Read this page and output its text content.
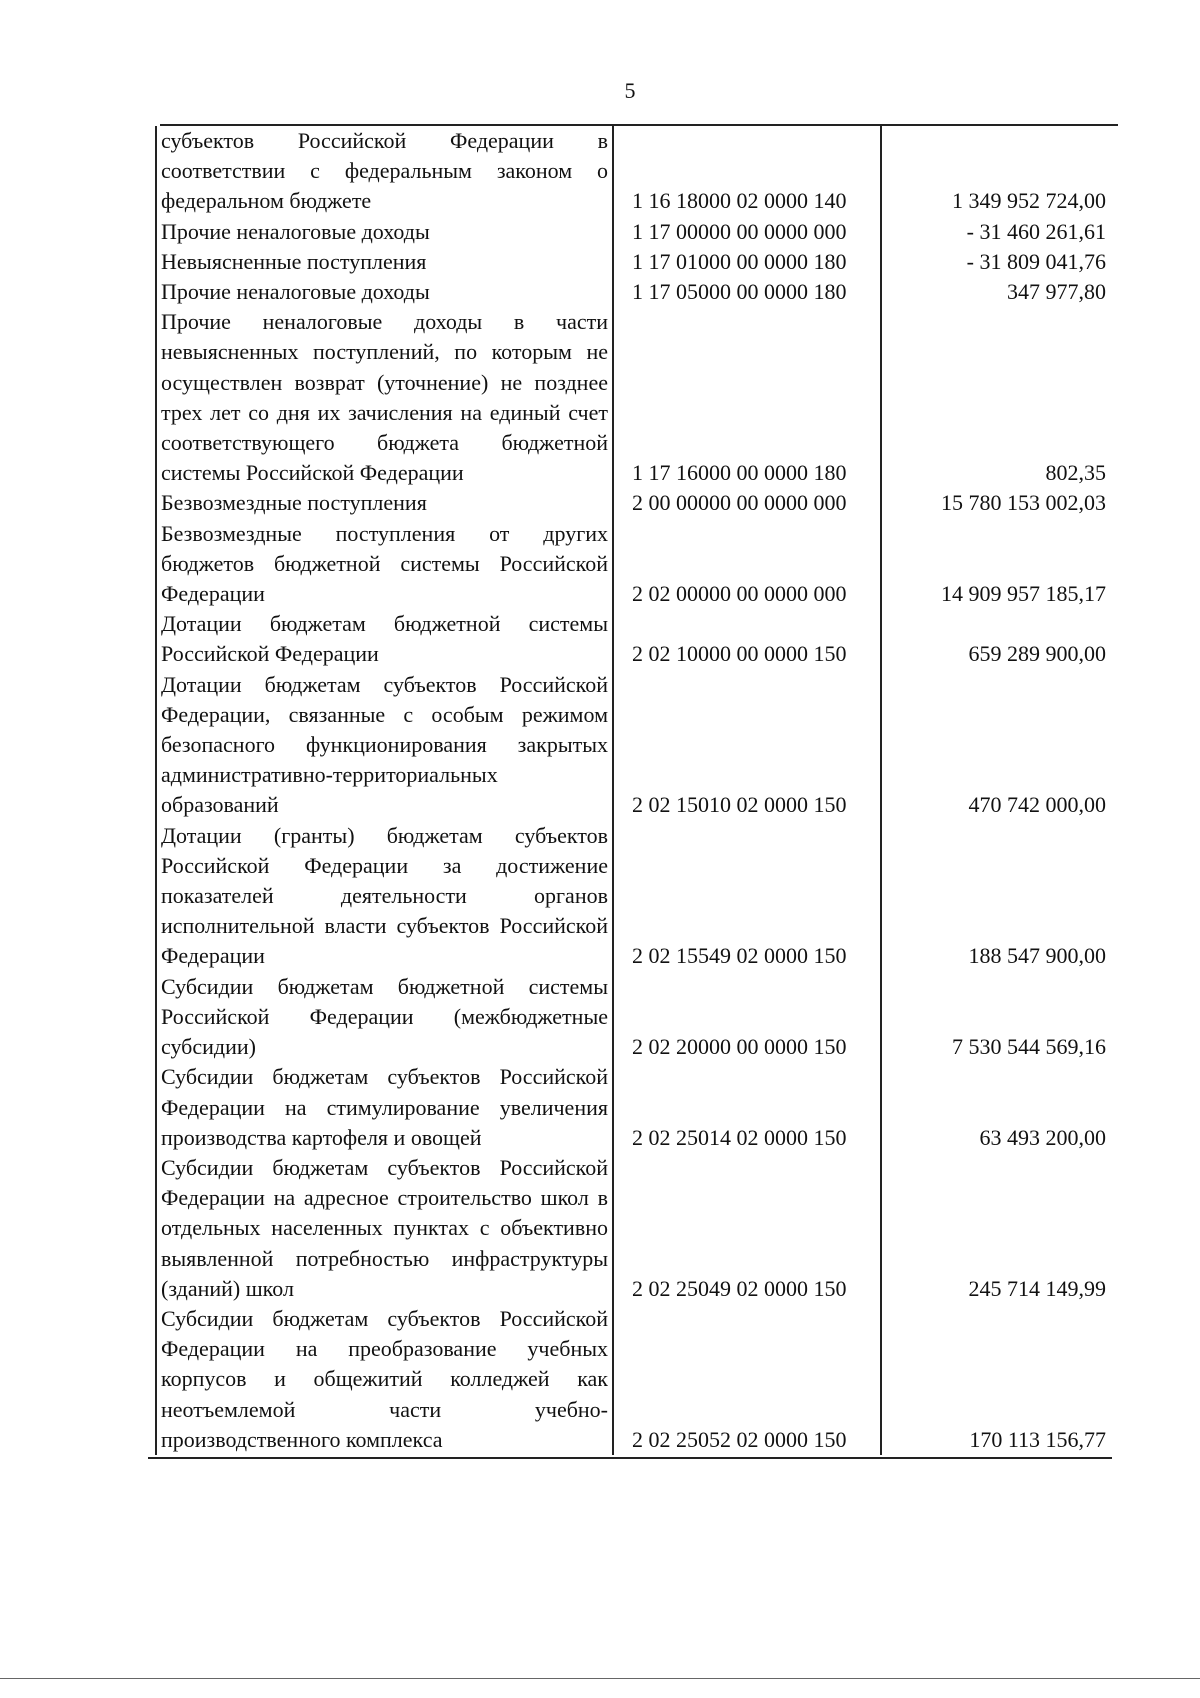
5
субъектов Российской Федерации в соответствии с федеральным законом о федеральном бюджете	1 16 18000 02 0000 140	1 349 952 724,00
Прочие неналоговые доходы	1 17 00000 00 0000 000	- 31 460 261,61
Невыясненные поступления	1 17 01000 00 0000 180	- 31 809 041,76
Прочие неналоговые доходы	1 17 05000 00 0000 180	347 977,80
Прочие неналоговые доходы в части невыясненных поступлений, по которым не осуществлен возврат (уточнение) не позднее трех лет со дня их зачисления на единый счет соответствующего бюджета бюджетной системы Российской Федерации	1 17 16000 00 0000 180	802,35
Безвозмездные поступления	2 00 00000 00 0000 000	15 780 153 002,03
Безвозмездные поступления от других бюджетов бюджетной системы Российской Федерации	2 02 00000 00 0000 000	14 909 957 185,17
Дотации бюджетам бюджетной системы Российской Федерации	2 02 10000 00 0000 150	659 289 900,00
Дотации бюджетам субъектов Российской Федерации, связанные с особым режимом безопасного функционирования закрытых административно-территориальных образований	2 02 15010 02 0000 150	470 742 000,00
Дотации (гранты) бюджетам субъектов Российской Федерации за достижение показателей деятельности органов исполнительной власти субъектов Российской Федерации	2 02 15549 02 0000 150	188 547 900,00
Субсидии бюджетам бюджетной системы Российской Федерации (межбюджетные субсидии)	2 02 20000 00 0000 150	7 530 544 569,16
Субсидии бюджетам субъектов Российской Федерации на стимулирование увеличения производства картофеля и овощей	2 02 25014 02 0000 150	63 493 200,00
Субсидии бюджетам субъектов Российской Федерации на адресное строительство школ в отдельных населенных пунктах с объективно выявленной потребностью инфраструктуры (зданий) школ	2 02 25049 02 0000 150	245 714 149,99
Субсидии бюджетам субъектов Российской Федерации на преобразование учебных корпусов и общежитий колледжей как неотъемлемой части учебно-производственного комплекса	2 02 25052 02 0000 150	170 113 156,77
